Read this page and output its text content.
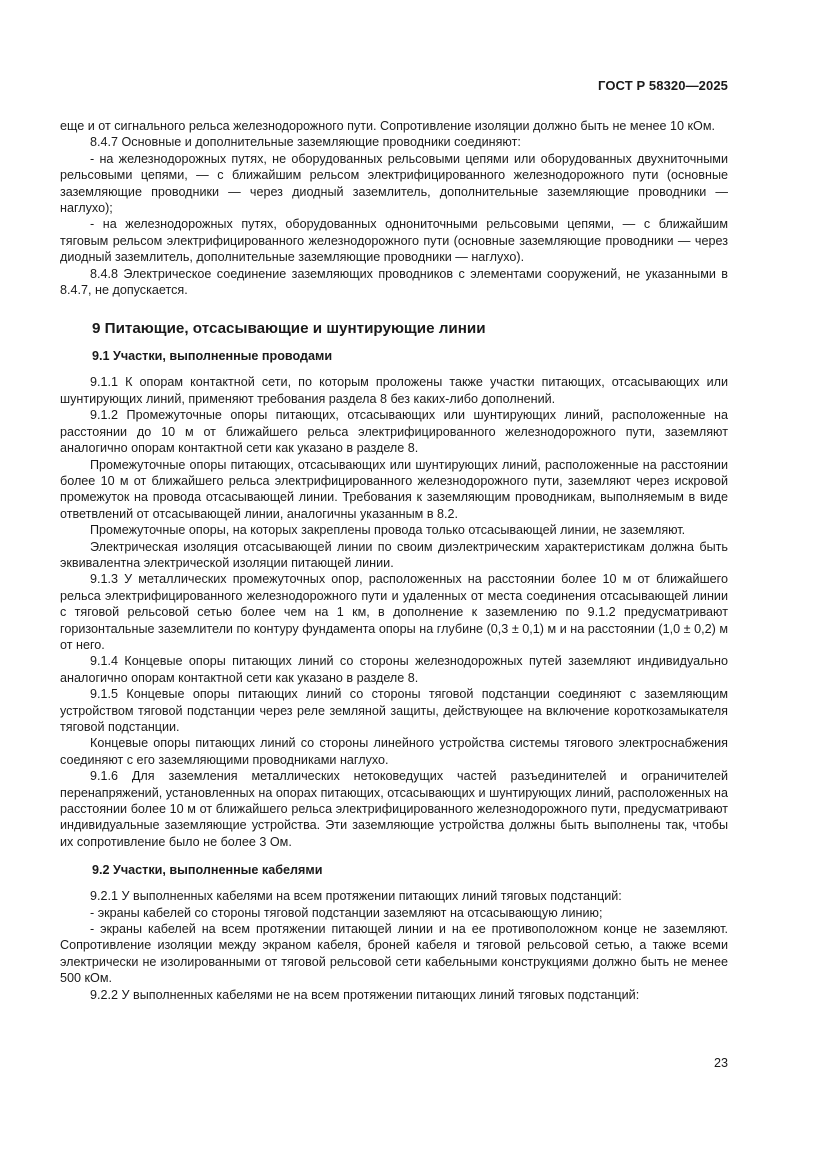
ГОСТ Р 58320—2025

еще и от сигнального рельса железнодорожного пути. Сопротивление изоляции должно быть не менее 10 кОм.

8.4.7 Основные и дополнительные заземляющие проводники соединяют:

- на железнодорожных путях, не оборудованных рельсовыми цепями или оборудованных двухниточными рельсовыми цепями, — с ближайшим рельсом электрифицированного железнодорожного пути (основные заземляющие проводники — через диодный заземлитель, дополнительные заземляющие проводники — наглухо);

- на железнодорожных путях, оборудованных однониточными рельсовыми цепями, — с ближайшим тяговым рельсом электрифицированного железнодорожного пути (основные заземляющие проводники — через диодный заземлитель, дополнительные заземляющие проводники — наглухо).

8.4.8 Электрическое соединение заземляющих проводников с элементами сооружений, не указанными в 8.4.7, не допускается.

9 Питающие, отсасывающие и шунтирующие линии
9.1 Участки, выполненные проводами

9.1.1 К опорам контактной сети, по которым проложены также участки питающих, отсасывающих или шунтирующих линий, применяют требования раздела 8 без каких-либо дополнений.

9.1.2 Промежуточные опоры питающих, отсасывающих или шунтирующих линий, расположенные на расстоянии до 10 м от ближайшего рельса электрифицированного железнодорожного пути, заземляют аналогично опорам контактной сети как указано в разделе 8.

Промежуточные опоры питающих, отсасывающих или шунтирующих линий, расположенные на расстоянии более 10 м от ближайшего рельса электрифицированного железнодорожного пути, заземляют через искровой промежуток на провода отсасывающей линии. Требования к заземляющим проводникам, выполняемым в виде ответвлений от отсасывающей линии, аналогичны указанным в 8.2.

Промежуточные опоры, на которых закреплены провода только отсасывающей линии, не заземляют.

Электрическая изоляция отсасывающей линии по своим диэлектрическим характеристикам должна быть эквивалентна электрической изоляции питающей линии.

9.1.3 У металлических промежуточных опор, расположенных на расстоянии более 10 м от ближайшего рельса электрифицированного железнодорожного пути и удаленных от места соединения отсасывающей линии с тяговой рельсовой сетью более чем на 1 км, в дополнение к заземлению по 9.1.2 предусматривают горизонтальные заземлители по контуру фундамента опоры на глубине (0,3 ± 0,1) м и на расстоянии (1,0 ± 0,2) м от него.

9.1.4 Концевые опоры питающих линий со стороны железнодорожных путей заземляют индивидуально аналогично опорам контактной сети как указано в разделе 8.

9.1.5 Концевые опоры питающих линий со стороны тяговой подстанции соединяют с заземляющим устройством тяговой подстанции через реле земляной защиты, действующее на включение короткозамыкателя тяговой подстанции.

Концевые опоры питающих линий со стороны линейного устройства системы тягового электроснабжения соединяют с его заземляющими проводниками наглухо.

9.1.6 Для заземления металлических нетоковедущих частей разъединителей и ограничителей перенапряжений, установленных на опорах питающих, отсасывающих и шунтирующих линий, расположенных на расстоянии более 10 м от ближайшего рельса электрифицированного железнодорожного пути, предусматривают индивидуальные заземляющие устройства. Эти заземляющие устройства должны быть выполнены так, чтобы их сопротивление было не более 3 Ом.

9.2 Участки, выполненные кабелями

9.2.1 У выполненных кабелями на всем протяжении питающих линий тяговых подстанций:

- экраны кабелей со стороны тяговой подстанции заземляют на отсасывающую линию;

- экраны кабелей на всем протяжении питающей линии и на ее противоположном конце не заземляют. Сопротивление изоляции между экраном кабеля, броней кабеля и тяговой рельсовой сетью, а также всеми электрически не изолированными от тяговой рельсовой сети кабельными конструкциями должно быть не менее 500 кОм.

9.2.2 У выполненных кабелями не на всем протяжении питающих линий тяговых подстанций:

23
